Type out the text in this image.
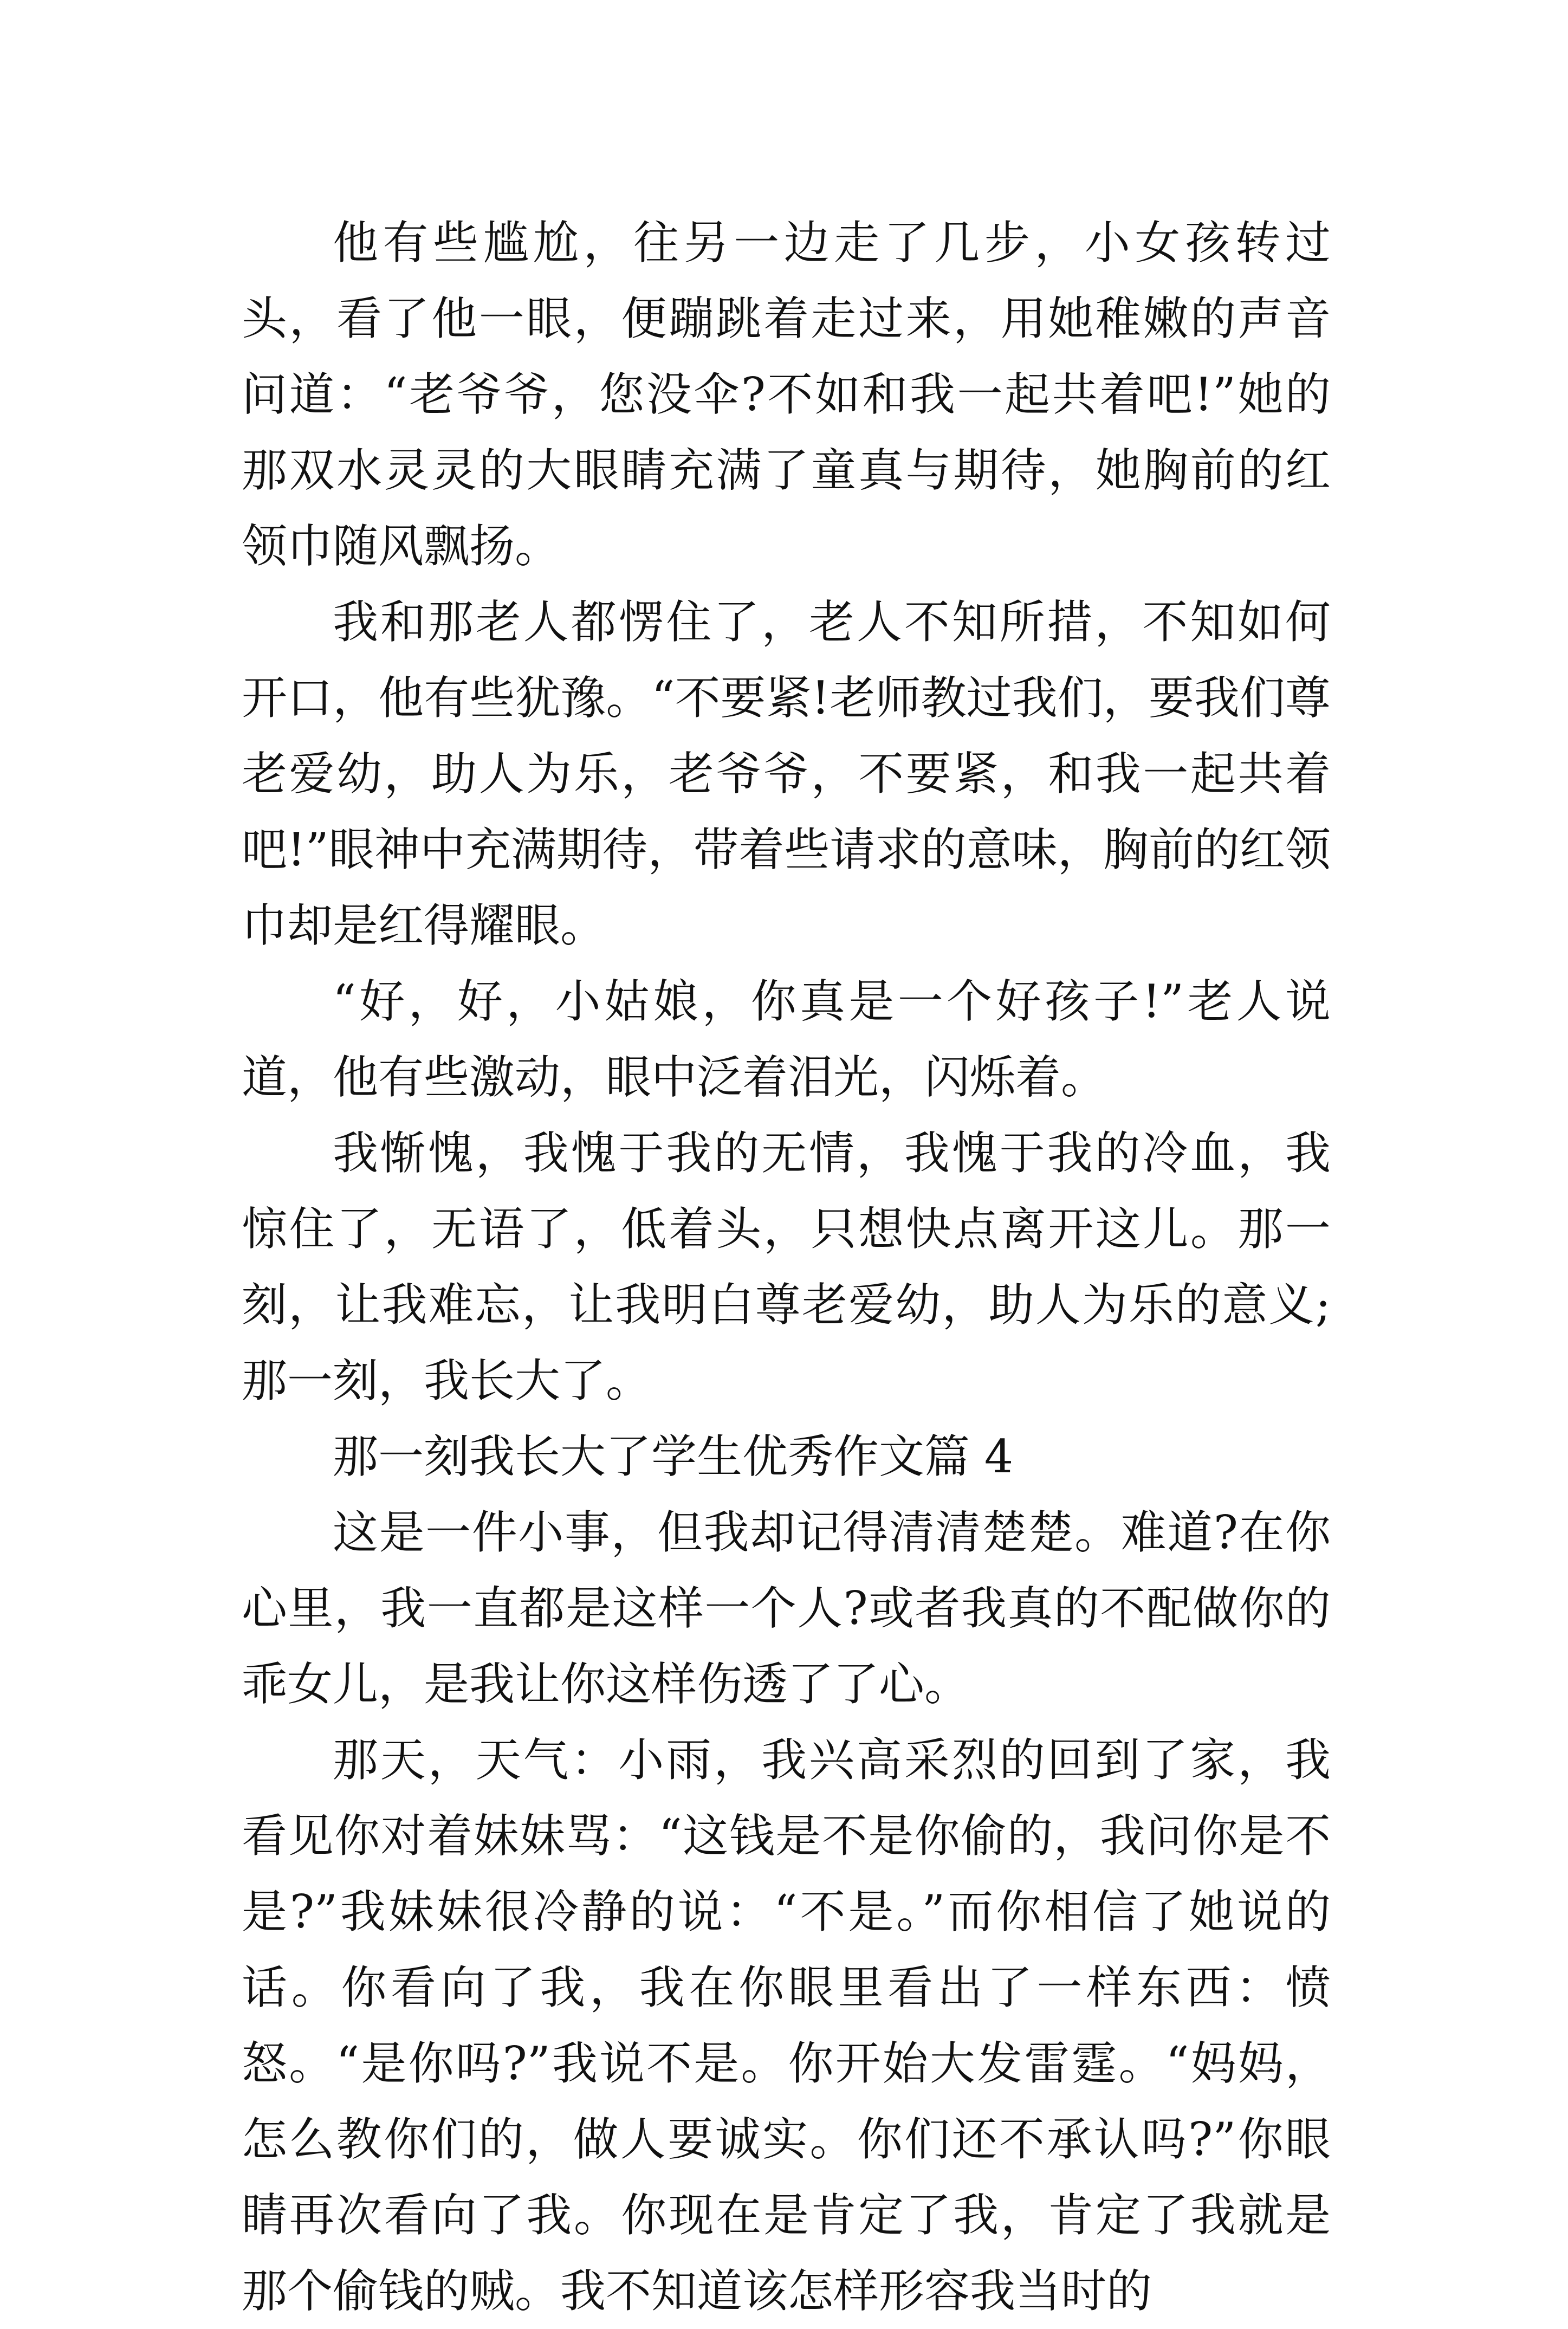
他有些尴尬，往另一边走了几步，小女孩转过头，看了他一眼，便蹦跳着走过来，用她稚嫩的声音问道：“老爷爷，您没伞?不如和我一起共着吧!”她的那双水灵灵的大眼睛充满了童真与期待，她胸前的红领巾随风飘扬。

我和那老人都愣住了，老人不知所措，不知如何开口，他有些犹豫。“不要紧!老师教过我们，要我们尊老爱幼，助人为乐，老爷爷，不要紧，和我一起共着吧!”眼神中充满期待，带着些请求的意味，胸前的红领巾却是红得耀眼。

“好，好，小姑娘，你真是一个好孩子!”老人说道，他有些激动，眼中泛着泪光，闪烁着。

我惭愧，我愧于我的无情，我愧于我的冷血，我惊住了，无语了，低着头，只想快点离开这儿。那一刻，让我难忘，让我明白尊老爱幼，助人为乐的意义;那一刻，我长大了。

那一刻我长大了学生优秀作文篇 4

这是一件小事，但我却记得清清楚楚。难道?在你心里，我一直都是这样一个人?或者我真的不配做你的乖女儿，是我让你这样伤透了了心。

那天，天气：小雨，我兴高采烈的回到了家，我看见你对着妹妹骂：“这钱是不是你偷的，我问你是不是?”我妹妹很冷静的说：“不是。”而你相信了她说的话。你看向了我，我在你眼里看出了一样东西：愤怒。“是你吗?”我说不是。你开始大发雷霆。“妈妈，怎么教你们的，做人要诚实。你们还不承认吗?”你眼睛再次看向了我。你现在是肯定了我，肯定了我就是那个偷钱的贼。我不知道该怎样形容我当时的
